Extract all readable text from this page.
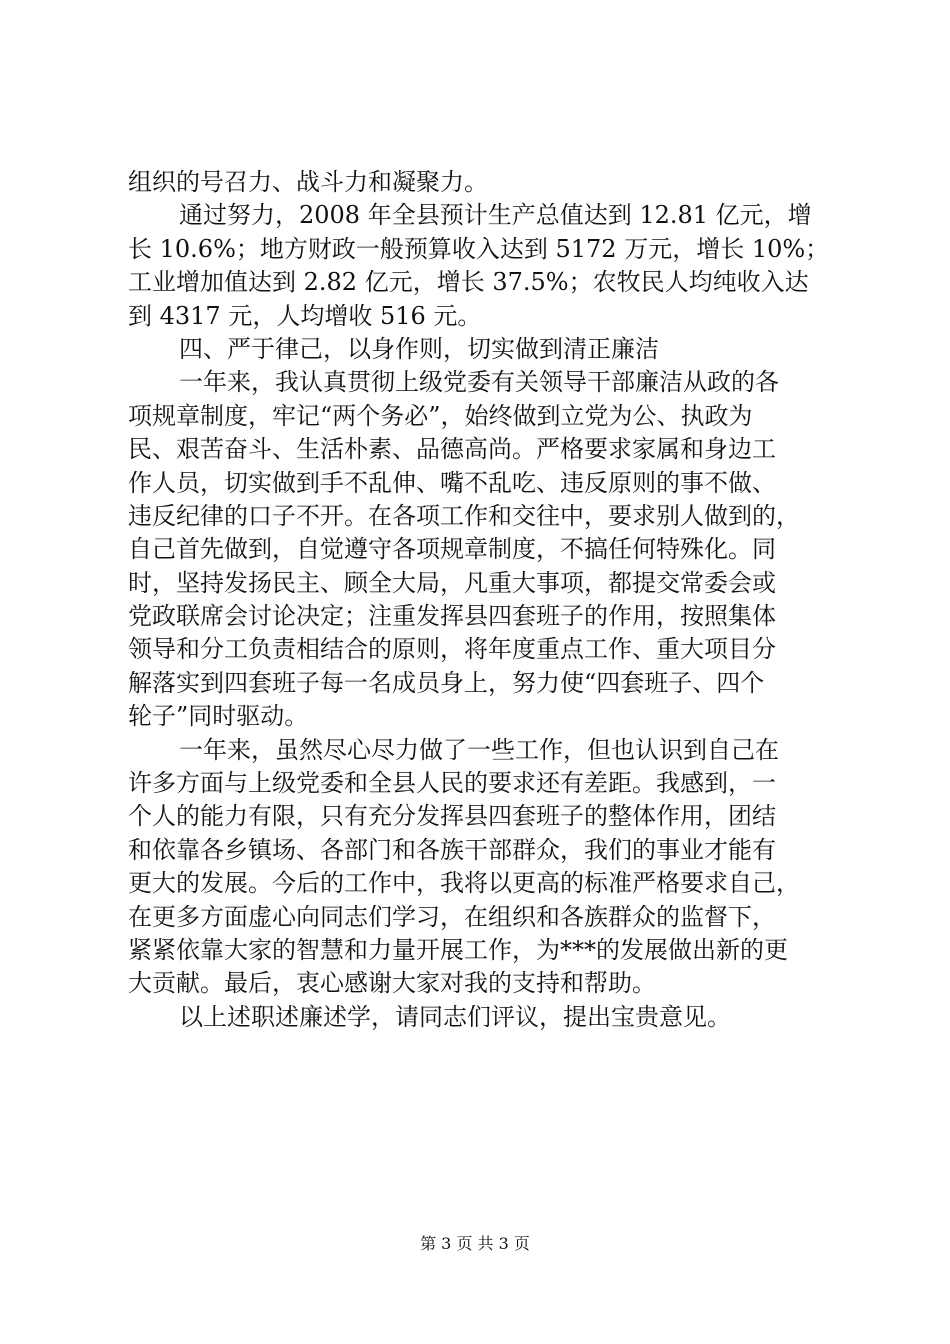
组织的号召力、战斗力和凝聚力。
通过努力，2008 年全县预计生产总值达到 12.81 亿元，增
长 10.6%；地方财政一般预算收入达到 5172 万元，增长 10%；
工业增加值达到 2.82 亿元，增长 37.5%；农牧民人均纯收入达
到 4317 元，人均增收 516 元。
四、严于律己，以身作则，切实做到清正廉洁
一年来，我认真贯彻上级党委有关领导干部廉洁从政的各
项规章制度，牢记“两个务必”，始终做到立党为公、执政为
民、艰苦奋斗、生活朴素、品德高尚。严格要求家属和身边工
作人员，切实做到手不乱伸、嘴不乱吃、违反原则的事不做、
违反纪律的口子不开。在各项工作和交往中，要求别人做到的，
自己首先做到，自觉遵守各项规章制度，不搞任何特殊化。同
时，坚持发扬民主、顾全大局，凡重大事项，都提交常委会或
党政联席会讨论决定；注重发挥县四套班子的作用，按照集体
领导和分工负责相结合的原则，将年度重点工作、重大项目分
解落实到四套班子每一名成员身上，努力使“四套班子、四个
轮子”同时驱动。
一年来，虽然尽心尽力做了一些工作，但也认识到自己在
许多方面与上级党委和全县人民的要求还有差距。我感到，一
个人的能力有限，只有充分发挥县四套班子的整体作用，团结
和依靠各乡镇场、各部门和各族干部群众，我们的事业才能有
更大的发展。今后的工作中，我将以更高的标准严格要求自己，
在更多方面虚心向同志们学习，在组织和各族群众的监督下，
紧紧依靠大家的智慧和力量开展工作，为***的发展做出新的更
大贡献。最后，衷心感谢大家对我的支持和帮助。
以上述职述廉述学，请同志们评议，提出宝贵意见。
第 3 页 共 3 页
